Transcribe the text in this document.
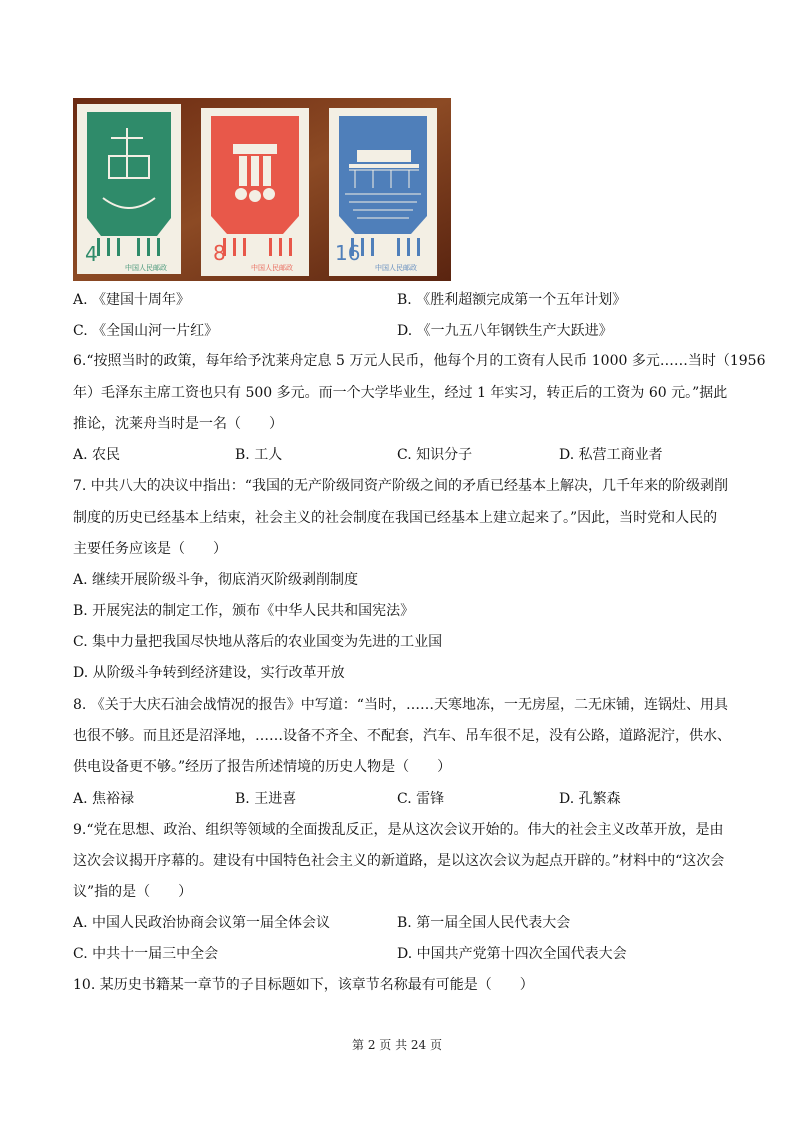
4
中国人民邮政
8
中国人民邮政
16
中国人民邮政
A. 《建国十周年》	B. 《胜利超额完成第一个五年计划》
C. 《全国山河一片红》	D. 《一九五八年钢铁生产大跃进》
6.“按照当时的政策，每年给予沈莱舟定息 5 万元人民币，他每个月的工资有人民币 1000 多元……当时（1956
年）毛泽东主席工资也只有 500 多元。而一个大学毕业生，经过 1 年实习，转正后的工资为 60 元。”据此
推论，沈莱舟当时是一名（　　）
A. 农民	B. 工人	C. 知识分子	D. 私营工商业者
7. 中共八大的决议中指出：“我国的无产阶级同资产阶级之间的矛盾已经基本上解决，几千年来的阶级剥削
制度的历史已经基本上结束，社会主义的社会制度在我国已经基本上建立起来了。”因此，当时党和人民的
主要任务应该是（　　）
A. 继续开展阶级斗争，彻底消灭阶级剥削制度
B. 开展宪法的制定工作，颁布《中华人民共和国宪法》
C. 集中力量把我国尽快地从落后的农业国变为先进的工业国
D. 从阶级斗争转到经济建设，实行改革开放
8. 《关于大庆石油会战情况的报告》中写道：“当时，……天寒地冻，一无房屋，二无床铺，连锅灶、用具
也很不够。而且还是沼泽地，……设备不齐全、不配套，汽车、吊车很不足，没有公路，道路泥泞，供水、
供电设备更不够。”经历了报告所述情境的历史人物是（　　）
A. 焦裕禄	B. 王进喜	C. 雷锋	D. 孔繁森
9.“党在思想、政治、组织等领域的全面拨乱反正，是从这次会议开始的。伟大的社会主义改革开放，是由
这次会议揭开序幕的。建设有中国特色社会主义的新道路，是以这次会议为起点开辟的。”材料中的“这次会
议”指的是（　　）
A. 中国人民政治协商会议第一届全体会议	B. 第一届全国人民代表大会
C. 中共十一届三中全会	D. 中国共产党第十四次全国代表大会
10. 某历史书籍某一章节的子目标题如下，该章节名称最有可能是（　　）
第 2 页 共 24 页
